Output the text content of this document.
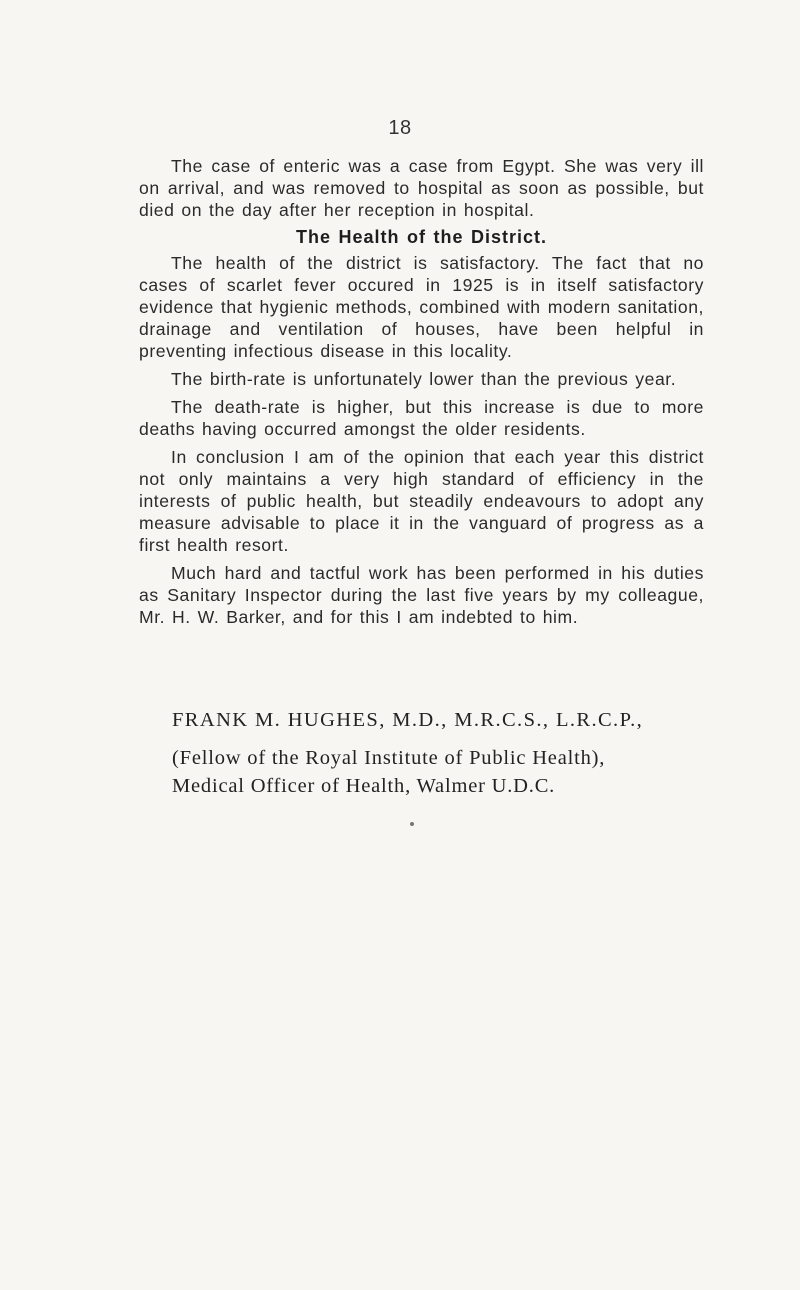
18

The case of enteric was a case from Egypt. She was very ill on arrival, and was removed to hospital as soon as possible, but died on the day after her reception in hospital.

The Health of the District.

The health of the district is satisfactory. The fact that no cases of scarlet fever occured in 1925 is in itself satisfactory evidence that hygienic methods, combined with modern sanitation, drainage and ventilation of houses, have been helpful in preventing infectious disease in this locality.

The birth-rate is unfortunately lower than the previous year.

The death-rate is higher, but this increase is due to more deaths having occurred amongst the older residents.

In conclusion I am of the opinion that each year this district not only maintains a very high standard of efficiency in the interests of public health, but steadily endeavours to adopt any measure advisable to place it in the vanguard of progress as a first health resort.

Much hard and tactful work has been performed in his duties as Sanitary Inspector during the last five years by my colleague, Mr. H. W. Barker, and for this I am indebted to him.

FRANK M. HUGHES, M.D., M.R.C.S., L.R.C.P.,
(Fellow of the Royal Institute of Public Health),
Medical Officer of Health, Walmer U.D.C.
